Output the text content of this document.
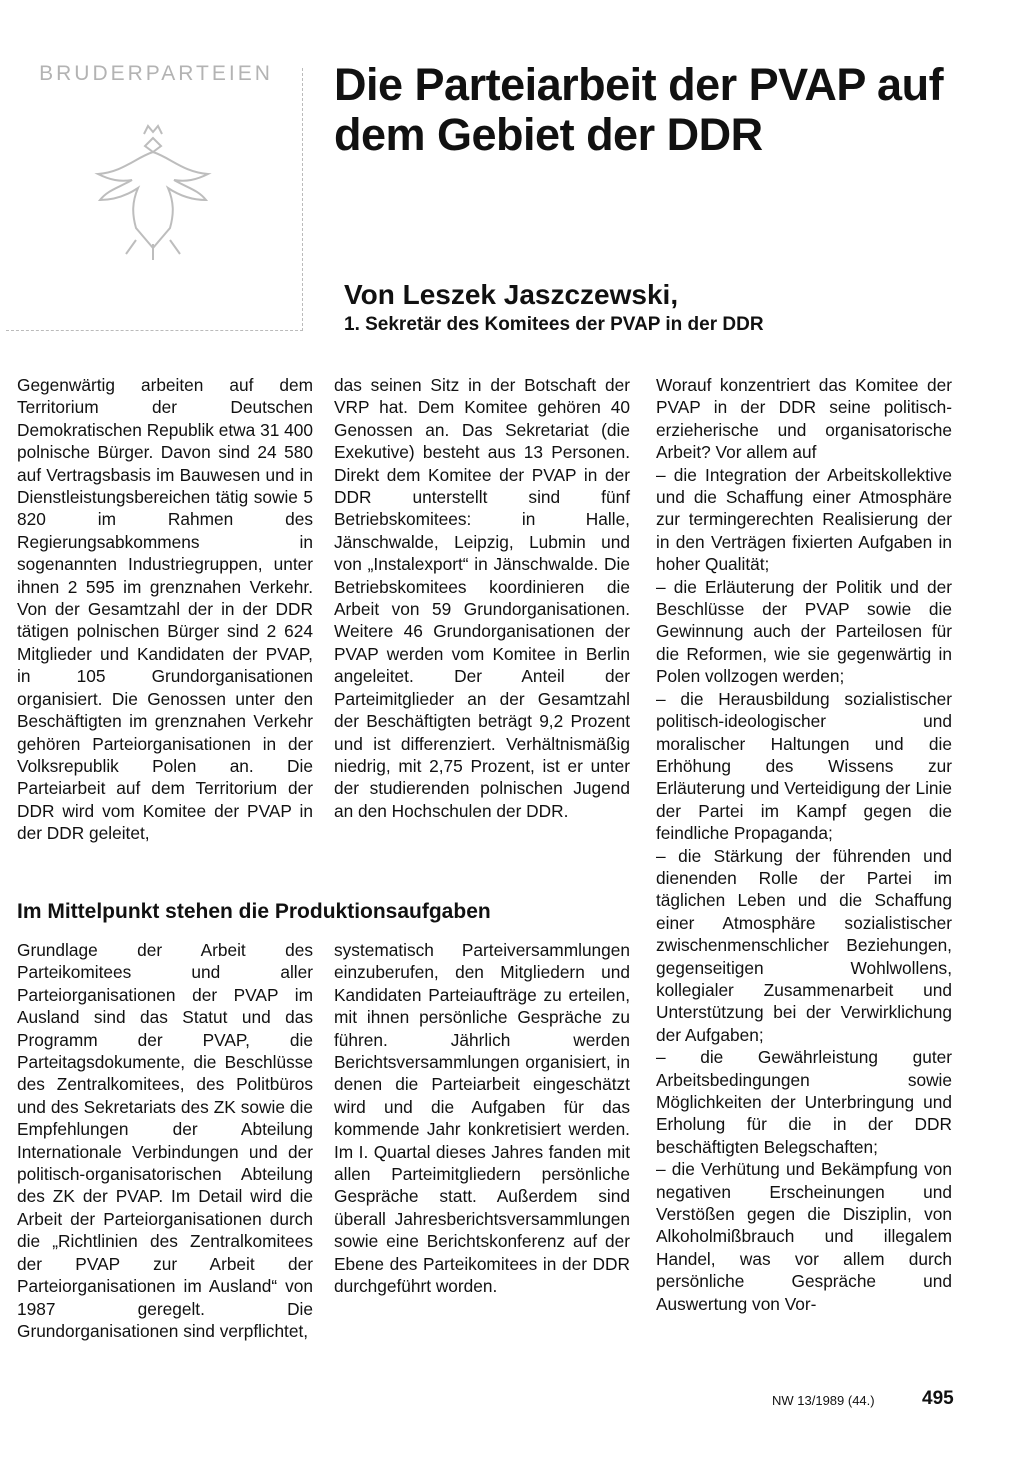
BRUDERPARTEIEN	Die Parteiarbeit der PVAP auf dem Gebiet der DDR
Von Leszek Jaszczewski,
1. Sekretär des Komitees der PVAP in der DDR

Gegenwärtig arbeiten auf dem Territorium der Deutschen Demokratischen Republik etwa 31 400 polnische Bürger. Davon sind 24 580 auf Vertragsbasis im Bauwesen und in Dienstleistungsbereichen tätig sowie 5 820 im Rahmen des Regierungsabkommens in sogenannten Industriegruppen, unter ihnen 2 595 im grenznahen Verkehr. Von der Gesamtzahl der in der DDR tätigen polnischen Bürger sind 2 624 Mitglieder und Kandidaten der PVAP, in 105 Grundorganisationen organisiert. Die Genossen unter den Beschäftigten im grenznahen Verkehr gehören Parteiorganisationen in der Volksrepublik Polen an. Die Parteiarbeit auf dem Territorium der DDR wird vom Komitee der PVAP in der DDR geleitet,

das seinen Sitz in der Botschaft der VRP hat. Dem Komitee gehören 40 Genossen an. Das Sekretariat (die Exekutive) besteht aus 13 Personen. Direkt dem Komitee der PVAP in der DDR unterstellt sind fünf Betriebskomitees: in Halle, Jänschwalde, Leipzig, Lubmin und von „Instalexport“ in Jänschwalde. Die Betriebskomitees koordinieren die Arbeit von 59 Grundorganisationen. Weitere 46 Grundorganisationen der PVAP werden vom Komitee in Berlin angeleitet. Der Anteil der Parteimitglieder an der Gesamtzahl der Beschäftigten beträgt 9,2 Prozent und ist differenziert. Verhältnismäßig niedrig, mit 2,75 Prozent, ist er unter der studierenden polnischen Jugend an den Hochschulen der DDR.

Im Mittelpunkt stehen die Produktionsaufgaben

Grundlage der Arbeit des Parteikomitees und aller Parteiorganisationen der PVAP im Ausland sind das Statut und das Programm der PVAP, die Parteitagsdokumente, die Beschlüsse des Zentralkomitees, des Politbüros und des Sekretariats des ZK sowie die Empfehlungen der Abteilung Internationale Verbindungen und der politisch-organisatorischen Abteilung des ZK der PVAP. Im Detail wird die Arbeit der Parteiorganisationen durch die „Richtlinien des Zentralkomitees der PVAP zur Arbeit der Parteiorganisationen im Ausland“ von 1987 geregelt. Die Grundorganisationen sind verpflichtet,

systematisch Parteiversammlungen einzuberufen, den Mitgliedern und Kandidaten Parteiaufträge zu erteilen, mit ihnen persönliche Gespräche zu führen. Jährlich werden Berichtsversammlungen organisiert, in denen die Parteiarbeit eingeschätzt wird und die Aufgaben für das kommende Jahr konkretisiert werden. Im I. Quartal dieses Jahres fanden mit allen Parteimitgliedern persönliche Gespräche statt. Außerdem sind überall Jahresberichtsversammlungen sowie eine Berichtskonferenz auf der Ebene des Parteikomitees in der DDR durchgeführt worden.

Worauf konzentriert das Komitee der PVAP in der DDR seine politisch-erzieherische und organisatorische Arbeit? Vor allem auf

– die Integration der Arbeitskollektive und die Schaffung einer Atmosphäre zur termingerechten Realisierung der in den Verträgen fixierten Aufgaben in hoher Qualität;

– die Erläuterung der Politik und der Beschlüsse der PVAP sowie die Gewinnung auch der Parteilosen für die Reformen, wie sie gegenwärtig in Polen vollzogen werden;

– die Herausbildung sozialistischer politisch-ideologischer und moralischer Haltungen und die Erhöhung des Wissens zur Erläuterung und Verteidigung der Linie der Partei im Kampf gegen die feindliche Propaganda;

– die Stärkung der führenden und dienenden Rolle der Partei im täglichen Leben und die Schaffung einer Atmosphäre sozialistischer zwischenmenschlicher Beziehungen, gegenseitigen Wohlwollens, kollegialer Zusammenarbeit und Unterstützung bei der Verwirklichung der Aufgaben;

– die Gewährleistung guter Arbeitsbedingungen sowie Möglichkeiten der Unterbringung und Erholung für die in der DDR beschäftigten Belegschaften;

– die Verhütung und Bekämpfung von negativen Erscheinungen und Verstößen gegen die Disziplin, von Alkoholmißbrauch und illegalem Handel, was vor allem durch persönliche Gespräche und Auswertung von Vor-

NW 13/1989 (44.) 495
